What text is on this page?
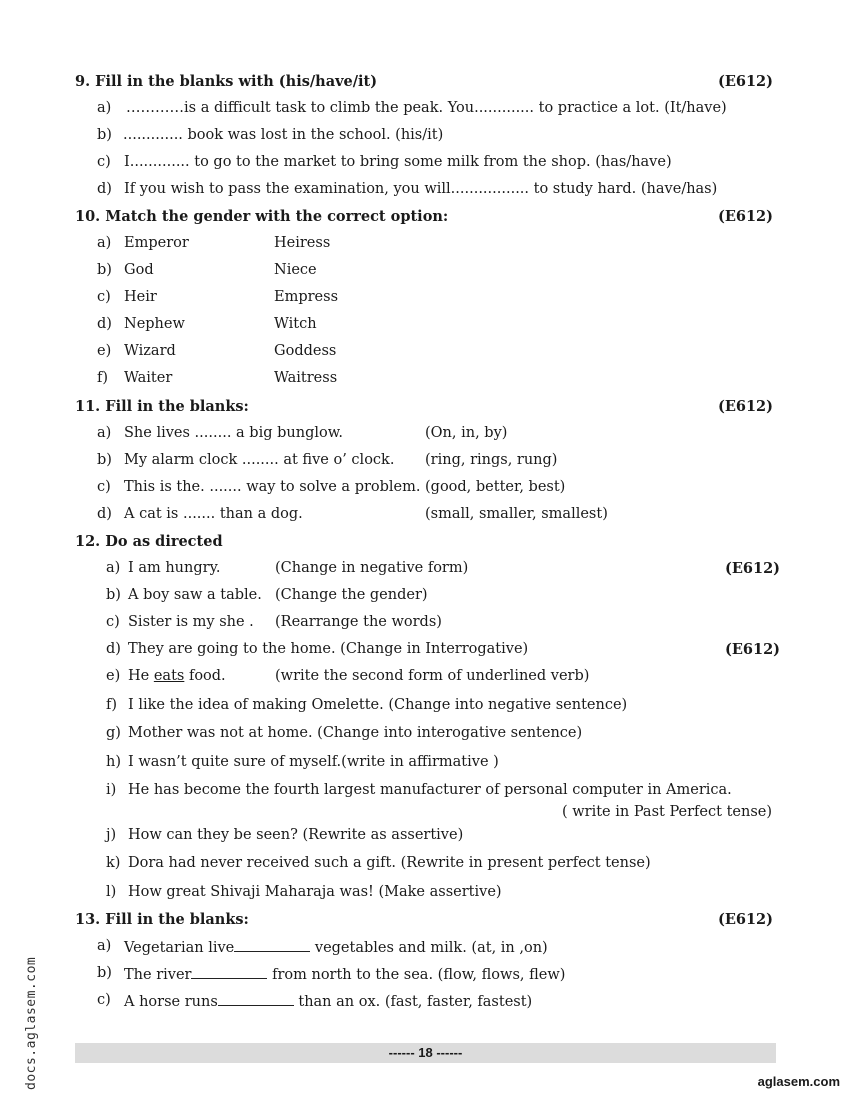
9. Fill in the blanks with (his/have/it)	(E612)
a) …………is a difficult task to climb the peak. You............. to practice a lot. (It/have)
b) ............. book was lost in the school. (his/it)
c) I............. to go to the market to bring some milk from the shop. (has/have)
d) If you wish to pass the examination, you will................. to study hard. (have/has)
10. Match the gender with the correct option:	(E612)
a) Emperor	Heiress
b) God	Niece
c) Heir	Empress
d) Nephew	Witch
e) Wizard	Goddess
f) Waiter	Waitress
11. Fill in the blanks:	(E612)
a) She lives ........ a big bunglow.	(On, in, by)
b) My alarm clock ........ at five o’ clock. (ring, rings, rung)
c) This is the. ....... way to solve a problem. (good, better, best)
d) A cat is ....... than a dog.	(small, smaller, smallest)
12. Do as directed
a) I am hungry.	(Change in negative form)	(E612)
b) A boy saw a table. (Change the gender)
c) Sister is my she . (Rearrange the words)
d) They are going to the home. (Change in Interrogative)	(E612)
e) He eats food.	(write the second form of underlined verb)
f) I like the idea of making Omelette. (Change into negative sentence)
g) Mother was not at home. (Change into interogative sentence)
h) I wasn’t quite sure of myself.(write in affirmative )
i) He has become the fourth largest manufacturer of personal computer in America.
( write in Past Perfect tense)
j) How can they be seen? (Rewrite as assertive)
k) Dora had never received such a gift. (Rewrite in present perfect tense)
l) How great Shivaji Maharaja was! (Make assertive)
13. Fill in the blanks:	(E612)
a) Vegetarian live	vegetables and milk. (at, in ,on)
b) The river	from north to the sea. (flow, flows, flew)
c) A horse runs	than an ox. (fast, faster, fastest)
------ 18 ------
aglasem.com
docs.aglasem.com
